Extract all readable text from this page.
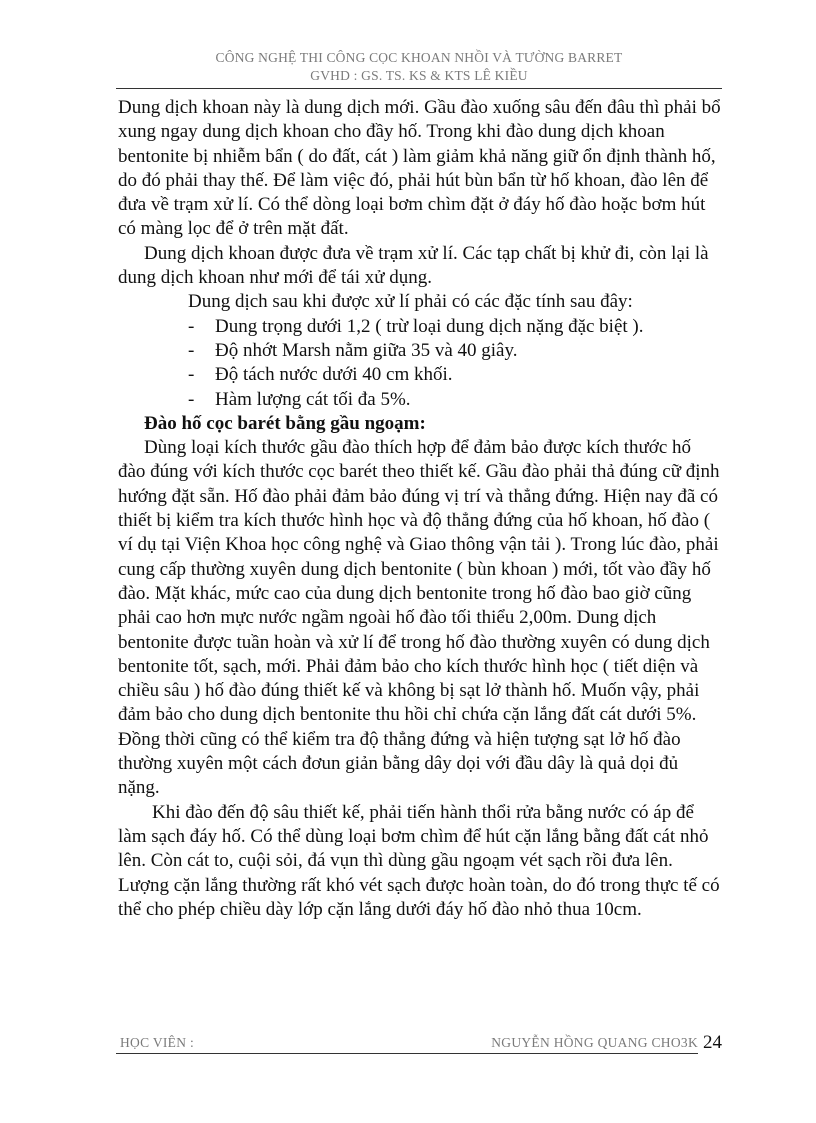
CÔNG NGHỆ THI CÔNG CỌC KHOAN NHỒI VÀ TƯỜNG BARRET
GVHD : GS. TS. KS & KTS LÊ KIỀU

Dung dịch khoan này là dung dịch mới. Gầu đào xuống sâu đến đâu thì phải bổ xung ngay dung dịch khoan cho đầy hố. Trong khi đào dung dịch khoan bentonite bị nhiễm bẩn ( do đất, cát ) làm giảm khả năng giữ ổn định thành hố, do đó phải thay thế. Để làm việc đó, phải hút bùn bẩn từ hố khoan, đào lên để đưa về trạm xử lí. Có thể dòng loại bơm chìm đặt ở đáy hố đào hoặc bơm hút có màng lọc để ở trên mặt đất.

Dung dịch khoan được đưa về trạm xử lí. Các tạp chất bị khử đi, còn lại là dung dịch khoan như mới để tái xử dụng.

Dung dịch sau khi được xử lí phải có các đặc tính sau đây:

- Dung trọng dưới 1,2 ( trừ loại dung dịch nặng đặc biệt ).
- Độ nhớt Marsh nằm giữa 35 và 40 giây.
- Độ tách nước dưới 40 cm khối.
- Hàm lượng cát tối đa 5%.

Đào hố cọc barét bằng gầu ngoạm:

Dùng loại kích thước gầu đào thích hợp để đảm bảo được kích thước hố đào đúng với kích thước cọc barét theo thiết kế. Gầu đào phải thả đúng cữ định hướng đặt sẵn. Hố đào phải đảm bảo đúng vị trí và thẳng đứng. Hiện nay đã có thiết bị kiểm tra kích thước hình học và độ thẳng đứng của hố khoan, hố đào ( ví dụ tại Viện Khoa học công nghệ và Giao thông vận tải ). Trong lúc đào, phải cung cấp thường xuyên dung dịch bentonite ( bùn khoan ) mới, tốt vào đầy hố đào. Mặt khác, mức cao của dung dịch bentonite trong hố đào bao giờ cũng phải cao hơn mực nước ngầm ngoài hố đào tối thiểu 2,00m. Dung dịch bentonite được tuần hoàn và xử lí để trong hố đào thường xuyên có dung dịch bentonite tốt, sạch, mới. Phải đảm bảo cho kích thước hình học ( tiết diện và chiều sâu ) hố đào đúng thiết kế và không bị sạt lở thành hố. Muốn vậy, phải đảm bảo cho dung dịch bentonite thu hồi chỉ chứa cặn lắng đất cát dưới 5%. Đồng thời cũng có thể kiểm tra độ thẳng đứng và hiện tượng sạt lở hố đào thường xuyên một cách đơun giản bằng dây dọi với đầu dây là quả dọi đủ nặng.

Khi đào đến độ sâu thiết kế, phải tiến hành thổi rửa bằng nước có áp để làm sạch đáy hố. Có thể dùng loại bơm chìm để hút cặn lắng bằng đất cát nhỏ lên. Còn cát to, cuội sỏi, đá vụn thì dùng gầu ngoạm vét sạch rồi đưa lên. Lượng cặn lắng thường rất khó vét sạch được hoàn toàn, do đó trong thực tế có thể cho phép chiều dày lớp cặn lắng dưới đáy hố đào nhỏ thua 10cm.

HỌC VIÊN :	NGUYỄN HỒNG QUANG CHO3K 24
